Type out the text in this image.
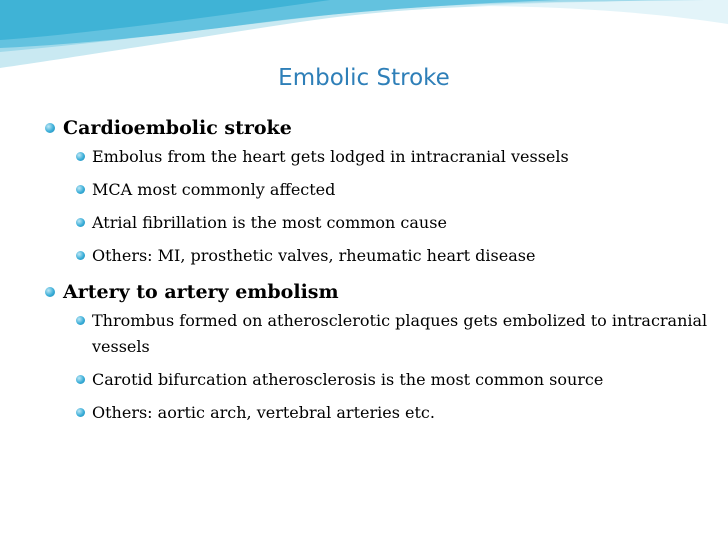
Embolic Stroke
Cardioembolic stroke
Embolus from the heart gets lodged in intracranial vessels
MCA most commonly affected
Atrial fibrillation is the most common cause
Others: MI, prosthetic valves, rheumatic heart disease
Artery to artery embolism
Thrombus formed on atherosclerotic plaques gets embolized to intracranial vessels
Carotid bifurcation atherosclerosis is the most common source
Others: aortic arch, vertebral arteries etc.
